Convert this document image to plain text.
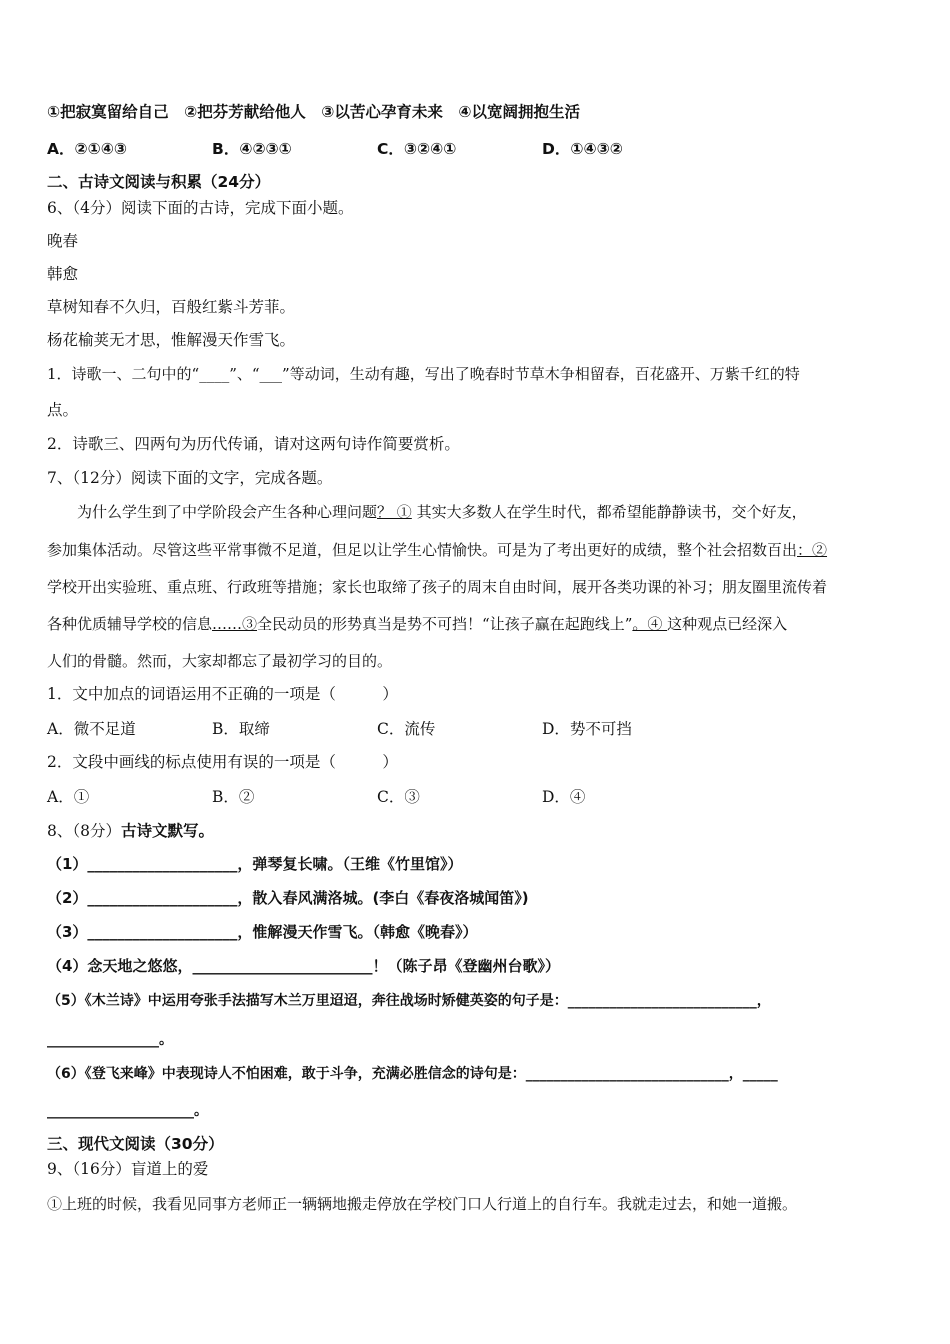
①把寂寞留给自己　②把芬芳献给他人　③以苦心孕育未来　④以宽阔拥抱生活
A．②①④③	B．④②③①	C．③②④①	D．①④③②
二、古诗文阅读与积累（24分）
6、（4分）阅读下面的古诗，完成下面小题。
晚春
韩愈
草树知春不久归，百般红紫斗芳菲。
杨花榆荚无才思，惟解漫天作雪飞。
1．诗歌一、二句中的“____”、“___”等动词，生动有趣，写出了晚春时节草木争相留春，百花盛开、万紫千红的特
点。
2．诗歌三、四两句为历代传诵，请对这两句诗作简要赏析。
7、（12分）阅读下面的文字，完成各题。
为什么学生到了中学阶段会产生各种心理问题？ ① 其实大多数人在学生时代，都希望能静静读书，交个好友，
参加集体活动。尽管这些平常事微不足道，但足以让学生心情愉快。可是为了考出更好的成绩，整个社会招数百出：②
学校开出实验班、重点班、行政班等措施；家长也取缔了孩子的周末自由时间，展开各类功课的补习；朋友圈里流传着
各种优质辅导学校的信息……③全民动员的形势真当是势不可挡！“让孩子赢在起跑线上”。④ 这种观点已经深入
人们的骨髓。然而，大家却都忘了最初学习的目的。
1．文中加点的词语运用不正确的一项是（　　　）
A．微不足道	B．取缔	C．流传	D．势不可挡
2．文段中画线的标点使用有误的一项是（　　　）
A．①	B．②	C．③	D．④
8、（8分）古诗文默写。
（1）____________________，弹琴复长啸。（王维《竹里馆》）
（2）____________________，散入春风满洛城。(李白《春夜洛城闻笛》)
（3）____________________，惟解漫天作雪飞。（韩愈《晚春》）
（4）念天地之悠悠，________________________！（陈子昂《登幽州台歌》）
（5）《木兰诗》中运用夸张手法描写木兰万里迢迢，奔往战场时矫健英姿的句子是：___________________________，
________________。
（6）《登飞来峰》中表现诗人不怕困难，敢于斗争，充满必胜信念的诗句是：_____________________________，_____
_____________________。
三、现代文阅读（30分）
9、（16分）盲道上的爱
①上班的时候，我看见同事方老师正一辆辆地搬走停放在学校门口人行道上的自行车。我就走过去，和她一道搬。
